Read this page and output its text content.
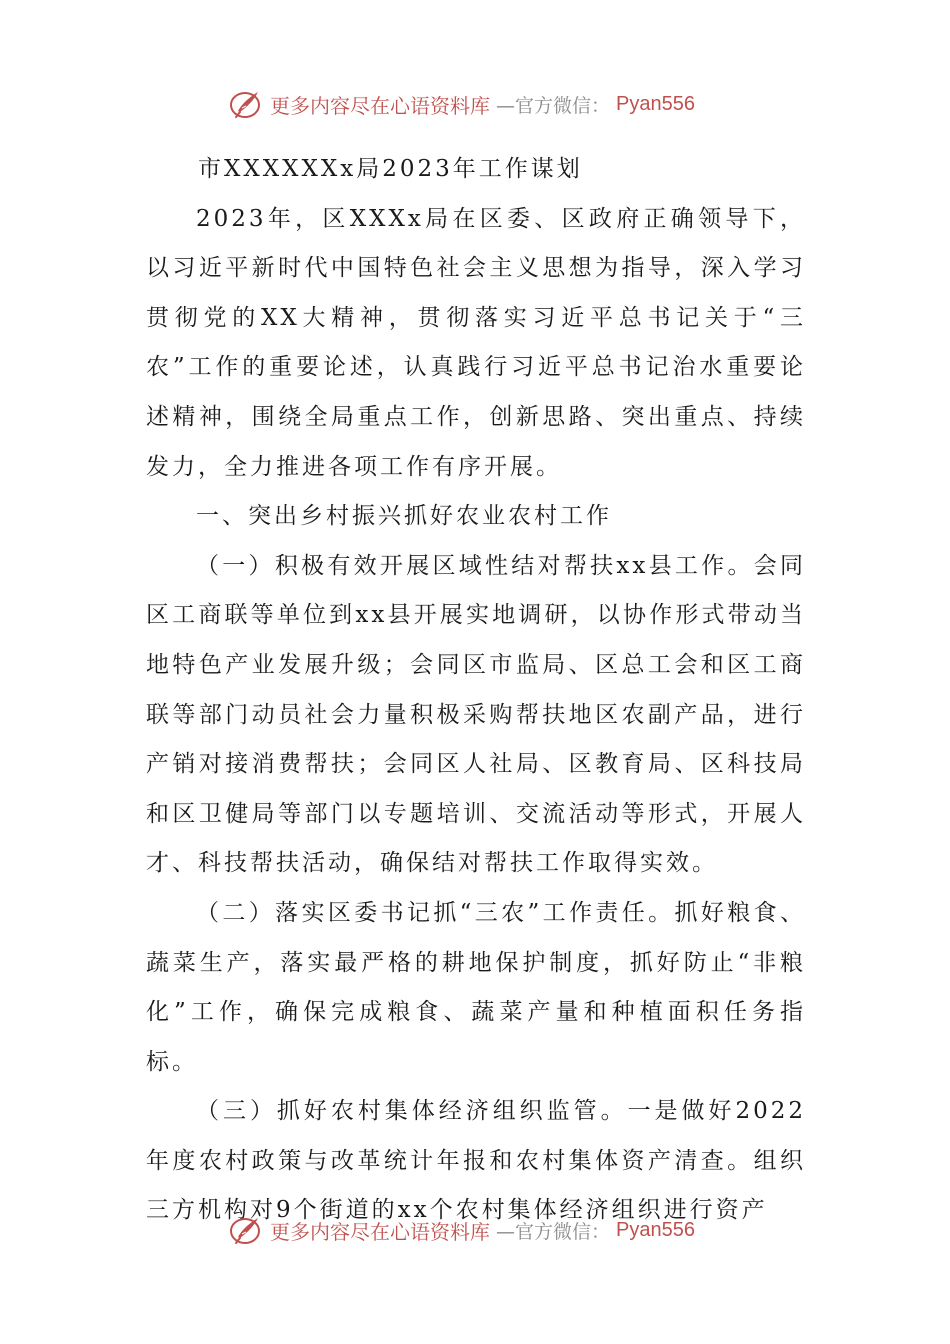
更多内容尽在心语资料库 —官方微信： Pyan556

市XXXXXXx局2023年工作谋划

2023年，区XXXx局在区委、区政府正确领导下，以习近平新时代中国特色社会主义思想为指导，深入学习贯彻党的XX大精神，贯彻落实习近平总书记关于“三农”工作的重要论述，认真践行习近平总书记治水重要论述精神，围绕全局重点工作，创新思路、突出重点、持续发力，全力推进各项工作有序开展。

一、突出乡村振兴抓好农业农村工作

（一）积极有效开展区域性结对帮扶xx县工作。会同区工商联等单位到xx县开展实地调研，以协作形式带动当地特色产业发展升级；会同区市监局、区总工会和区工商联等部门动员社会力量积极采购帮扶地区农副产品，进行产销对接消费帮扶；会同区人社局、区教育局、区科技局和区卫健局等部门以专题培训、交流活动等形式，开展人才、科技帮扶活动，确保结对帮扶工作取得实效。

（二）落实区委书记抓“三农”工作责任。抓好粮食、蔬菜生产，落实最严格的耕地保护制度，抓好防止“非粮化”工作，确保完成粮食、蔬菜产量和种植面积任务指标。

（三）抓好农村集体经济组织监管。一是做好2022年度农村政策与改革统计年报和农村集体资产清查。组织三方机构对9个街道的xx个农村集体经济组织进行资产

更多内容尽在心语资料库 —官方微信： Pyan556
